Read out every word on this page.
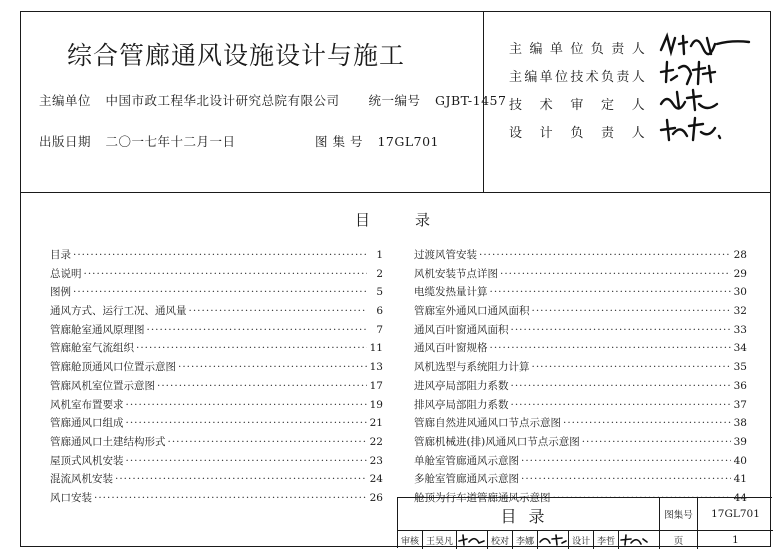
综合管廊通风设施设计与施工
主编单位 中国市政工程华北设计研究总院有限公司 统一编号 GJBT-1457
出版日期 二〇一七年十二月一日	图 集 号 17GL701
主编单位负责人
主编单位技术负责人
技术审定人
设计负责人
目	录
目录 ·····	1
总说明 ·····	2
图例 ·····	5
通风方式、运行工况、通风量 ·····	6
管廊舱室通风原理图 ·····	7
管廊舱室气流组织 ·····	11
管廊舱顶通风口位置示意图 ·····	13
管廊风机室位置示意图 ·····	17
风机室布置要求 ·····	19
管廊通风口组成 ·····	21
管廊通风口土建结构形式 ·····	22
屋顶式风机安装 ·····	23
混流风机安装 ·····	24
风口安装 ·····	26
过渡风管安装 ·····	28
风机安装节点详图 ·····	29
电缆发热量计算 ·····	30
管廊室外通风口通风面积 ·····	32
通风百叶窗通风面积 ·····	33
通风百叶窗规格 ·····	34
风机选型与系统阻力计算 ·····	35
进风亭局部阻力系数 ·····	36
排风亭局部阻力系数 ·····	37
管廊自然进风通风口节点示意图 ·····	38
管廊机械进(排)风通风口节点示意图 ·····	39
单舱室管廊通风示意图 ·····	40
多舱室管廊通风示意图 ·····	41
舱顶为行车道管廊通风示意图 ·····	44
目录	图集号	17GL701
页	1
审核 王昊凡	校对 李娜	设计 李哲
